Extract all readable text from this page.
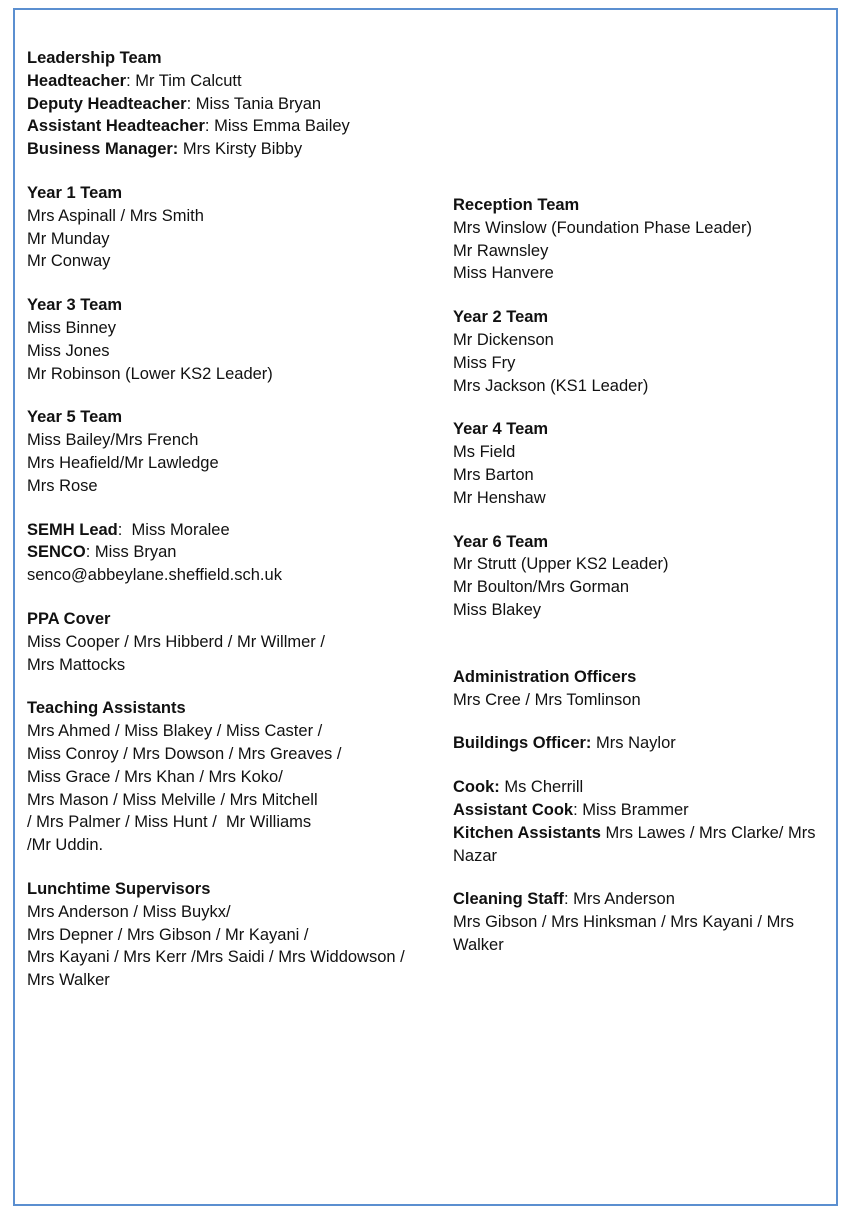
Leadership Team
Headteacher: Mr Tim Calcutt
Deputy Headteacher: Miss Tania Bryan
Assistant Headteacher: Miss Emma Bailey
Business Manager: Mrs Kirsty Bibby
Year 1 Team
Mrs Aspinall / Mrs Smith
Mr Munday
Mr Conway
Year 3 Team
Miss Binney
Miss Jones
Mr Robinson (Lower KS2 Leader)
Year 5 Team
Miss Bailey/Mrs French
Mrs Heafield/Mr Lawledge
Mrs Rose
SEMH Lead:  Miss Moralee
SENCO: Miss Bryan
senco@abbeylane.sheffield.sch.uk
PPA Cover
Miss Cooper / Mrs Hibberd / Mr Willmer /
Mrs Mattocks
Teaching Assistants
Mrs Ahmed / Miss Blakey / Miss Caster /
Miss Conroy / Mrs Dowson / Mrs Greaves /
Miss Grace / Mrs Khan / Mrs Koko/
Mrs Mason / Miss Melville / Mrs Mitchell
/ Mrs Palmer / Miss Hunt /  Mr Williams
/Mr Uddin.
Lunchtime Supervisors
Mrs Anderson / Miss Buykx/
Mrs Depner / Mrs Gibson / Mr Kayani /
Mrs Kayani / Mrs Kerr /Mrs Saidi / Mrs Widdowson /
Mrs Walker
Reception Team
Mrs Winslow (Foundation Phase Leader)
Mr Rawnsley
Miss Hanvere
Year 2 Team
Mr Dickenson
Miss Fry
Mrs Jackson (KS1 Leader)
Year 4 Team
Ms Field
Mrs Barton
Mr Henshaw
Year 6 Team
Mr Strutt (Upper KS2 Leader)
Mr Boulton/Mrs Gorman
Miss Blakey
Administration Officers
Mrs Cree / Mrs Tomlinson
Buildings Officer: Mrs Naylor
Cook: Ms Cherrill
Assistant Cook: Miss Brammer
Kitchen Assistants Mrs Lawes / Mrs Clarke/ Mrs Nazar
Cleaning Staff: Mrs Anderson
Mrs Gibson / Mrs Hinksman / Mrs Kayani / Mrs Walker
